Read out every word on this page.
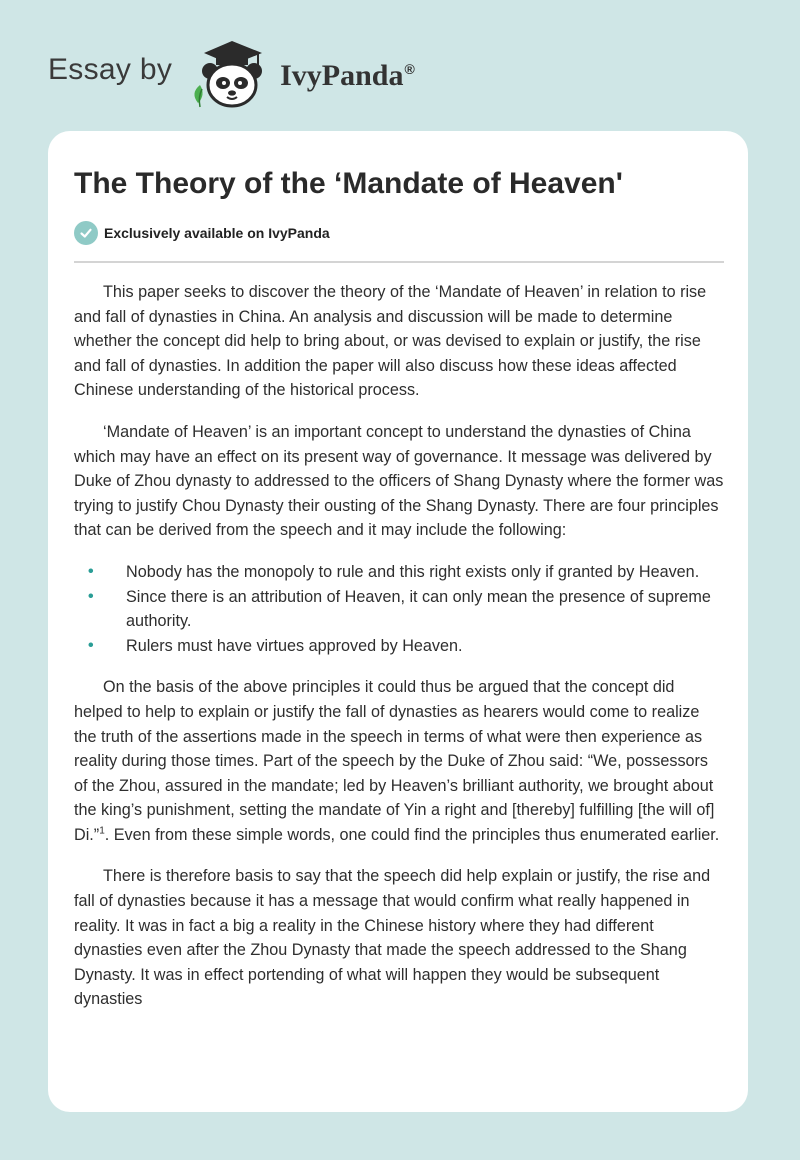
Essay by	IvyPanda®
The Theory of the ‘Mandate of Heaven'
Exclusively available on IvyPanda

This paper seeks to discover the theory of the ‘Mandate of Heaven’ in relation to rise and fall of dynasties in China. An analysis and discussion will be made to determine whether the concept did help to bring about, or was devised to explain or justify, the rise and fall of dynasties. In addition the paper will also discuss how these ideas affected Chinese understanding of the historical process.

‘Mandate of Heaven’ is an important concept to understand the dynasties of China which may have an effect on its present way of governance. It message was delivered by Duke of Zhou dynasty to addressed to the officers of Shang Dynasty where the former was trying to justify Chou Dynasty their ousting of the Shang Dynasty. There are four principles that can be derived from the speech and it may include the following:

• Nobody has the monopoly to rule and this right exists only if granted by Heaven.
• Since there is an attribution of Heaven, it can only mean the presence of supreme authority.
• Rulers must have virtues approved by Heaven.

On the basis of the above principles it could thus be argued that the concept did helped to help to explain or justify the fall of dynasties as hearers would come to realize the truth of the assertions made in the speech in terms of what were then experience as reality during those times. Part of the speech by the Duke of Zhou said: “We, possessors of the Zhou, assured in the mandate; led by Heaven’s brilliant authority, we brought about the king’s punishment, setting the mandate of Yin a right and [thereby] fulfilling [the will of] Di.”$^1$. Even from these simple words, one could find the principles thus enumerated earlier.

There is therefore basis to say that the speech did help explain or justify, the rise and fall of dynasties because it has a message that would confirm what really happened in reality. It was in fact a big a reality in the Chinese history where they had different dynasties even after the Zhou Dynasty that made the speech addressed to the Shang Dynasty. It was in effect portending of what will happen they would be subsequent dynasties
